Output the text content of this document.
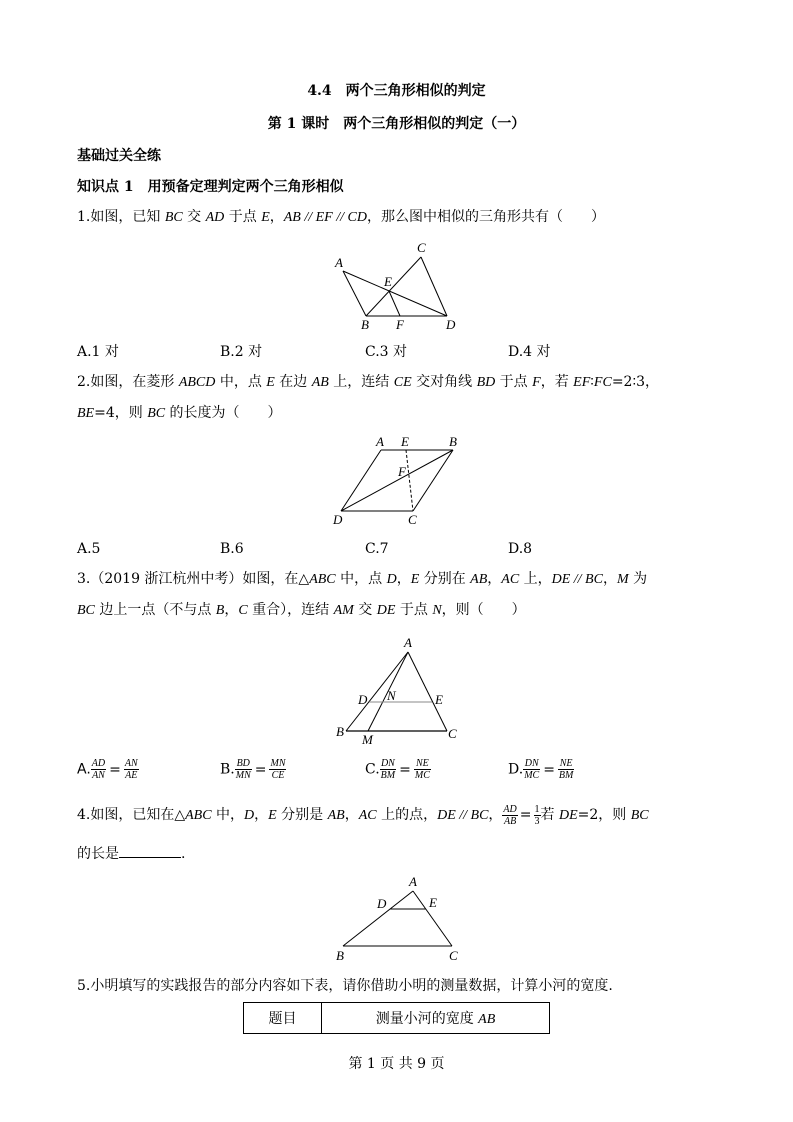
4.4　两个三角形相似的判定
第 1 课时　 两个三角形相似的判定（一）
基础过关全练
知识点 1　 用预备定理判定两个三角形相似
1.如图，已知 BC 交 AD 于点 E，AB // EF // CD，那么图中相似的三角形共有（　　）
A
B
C
D
E
F
A.1 对	B.2 对	C.3 对	D.4 对
2.如图，在菱形 ABCD 中，点 E 在边 AB 上，连结 CE 交对角线 BD 于点 F，若 EF∶FC=2∶3，
BE=4，则 BC 的长度为（　　）
A E	B
F
D	C
A.5	B.6	C.7	D.8
3.（2019 浙江杭州中考）如图，在△ABC 中，点 D，E 分别在 AB，AC 上，DE // BC，M 为
BC 边上一点（不与点 B，C 重合），连结 AM 交 DE 于点 N，则（　　）
A
D N	E
B
M	C
A. $\frac{AD}{AN} = \frac{AN}{AE}$	B. $\frac{BD}{MN} = \frac{MN}{CE}$	C. $\frac{DN}{BM} = \frac{NE}{MC}$	D. $\frac{DN}{MC} = \frac{NE}{BM}$
4.如图，已知在△ABC 中，D，E 分别是 AB，AC 上的点，DE // BC， $\frac{AD}{AB} = \frac{1}{3}$ 若 DE=2，则 BC
的长是	.
A
D	E
B	C
5.小明填写的实践报告的部分内容如下表，请你借助小明的测量数据，计算小河的宽度.
题目	测量小河的宽度 AB
第 1 页 共 9 页
